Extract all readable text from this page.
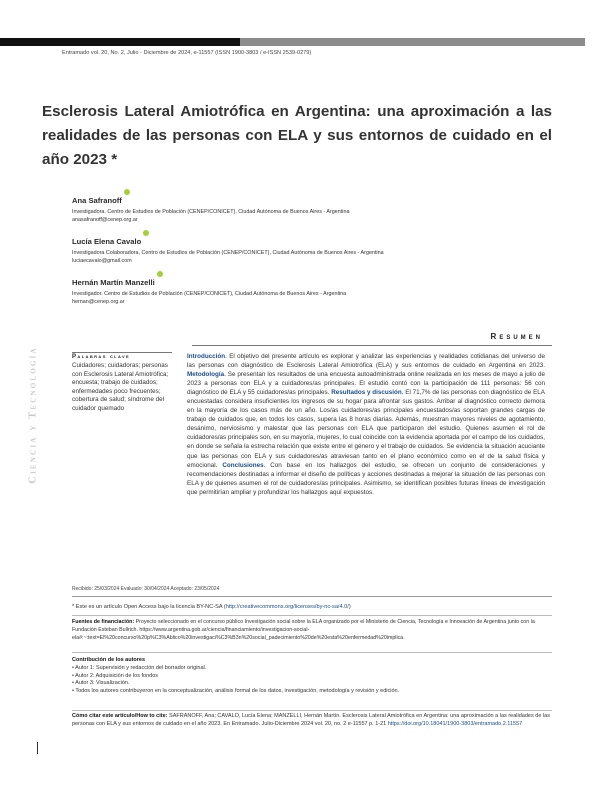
Entramado vol. 20, No. 2, Julio - Diciembre de 2024, e-11557 (ISSN 1900-3803 / e-ISSN 2539-0279)
Esclerosis Lateral Amiotrófica en Argentina: una aproximación a las realidades de las personas con ELA y sus entornos de cuidado en el año 2023 *
Ana Safranoff
Investigadora. Centro de Estudios de Población (CENEP/CONICET), Ciudad Autónoma de Buenos Aires - Argentina
anasafranoff@cenep.org.ar
Lucía Elena Cavalo
Investigadora Colaboradora, Centro de Estudios de Población (CENEP/CONICET), Ciudad Autónoma de Buenos Aires - Argentina
luciaecavalo@gmail.com
Hernán Martín Manzelli
Investigador. Centro de Estudios de Población (CENEP/CONICET), Ciudad Autónoma de Buenos Aires - Argentina
hernan@cenep.org.ar
Ciencia y Tecnología
Resumen
Palabras clave
Cuidadores; cuidadoras; personas con Esclerosis Lateral Amiotrófica; encuesta; trabajo de cuidados; enfermedades poco frecuentes; cobertura de salud; síndrome del cuidador quemado
Introducción. El objetivo del presente artículo es explorar y analizar las experiencias y realidades cotidianas del universo de las personas con diagnóstico de Esclerosis Lateral Amiotrófica (ELA) y sus entornos de cuidado en Argentina en 2023. Metodología. Se presentan los resultados de una encuesta autoadministrada online realizada en los meses de mayo a julio de 2023 a personas con ELA y a cuidadores/as principales. El estudió contó con la participación de 111 personas: 56 con diagnóstico de ELA y 55 cuidadores/as principales. Resultados y discusión. El 71,7% de las personas con diagnóstico de ELA encuestadas considera insuficientes los ingresos de su hogar para afrontar sus gastos. Arribar al diagnóstico correcto demora en la mayoría de los casos más de un año. Los/as cuidadores/as principales encuestados/as soportan grandes cargas de trabajo de cuidados que, en todos los casos, supera las 8 horas diarias. Además, muestran mayores niveles de agotamiento, desánimo, nerviosismo y malestar que las personas con ELA que participaron del estudio. Quienes asumen el rol de cuidadores/as principales son, en su mayoría, mujeres, lo cual coincide con la evidencia aportada por el campo de los cuidados, en donde se señala la estrecha relación que existe entre el género y el trabajo de cuidados. Se evidencia la situación acuciante que las personas con ELA y sus cuidadores/as atraviesan tanto en el plano económico como en el de la salud física y emocional. Conclusiones. Con base en los hallazgos del estudio, se ofrecen un conjunto de consideraciones y recomendaciones destinadas a informar el diseño de políticas y acciones destinadas a mejorar la situación de las personas con ELA y de quienes asumen el rol de cuidadores/as principales. Asimismo, se identifican posibles futuras líneas de investigación que permitirían ampliar y profundizar los hallazgos aquí expuestos.
Recibido: 25/03/2024 Evaluado: 30/04/2024 Aceptado: 23/05/2024
* Este es un artículo Open Access bajo la licencia BY-NC-SA (http://creativecommons.org/licenses/by-nc-sa/4.0/)
Fuentes de financiación: Proyecto seleccionado en el concurso público Investigación social sobre la ELA organizado por el Ministerio de Ciencia, Tecnología e Innovación de Argentina junto con la Fundación Esteban Bullrich. https://www.argentina.gob.ar/ciencia/financiamiento/investigacion-social- ela#:~:text=El%20concurso%20p%C3%Ablico%20investigaci%C3%B3n%20social_padecimiento%20de%20esta%20enfermedad%20implica.
Contribución de los autores
• Autor 1: Supervisión y redacción del borrador original.
• Autor 2: Adquisición de los fondos
• Autor 3: Visualización.
• Todos los autores contribuyeron en la conceptualización, análisis formal de los datos, investigación, metodología y revisión y edición.
Cómo citar este artículo/How to cite: SAFRANOFF, Ana; CAVALO, Lucía Elena; MANZELLI, Hernán Martín. Esclerosis Lateral Amiotrófica en Argentina: una aproximación a las realidades de las personas con ELA y sus entornos de cuidado en el año 2023. En Entramado. Julio-Diciembre 2024 vol. 20, no. 2 e-11557 p. 1-21 https://doi.org/10.18041/1900-3803/entramado.2.11557
